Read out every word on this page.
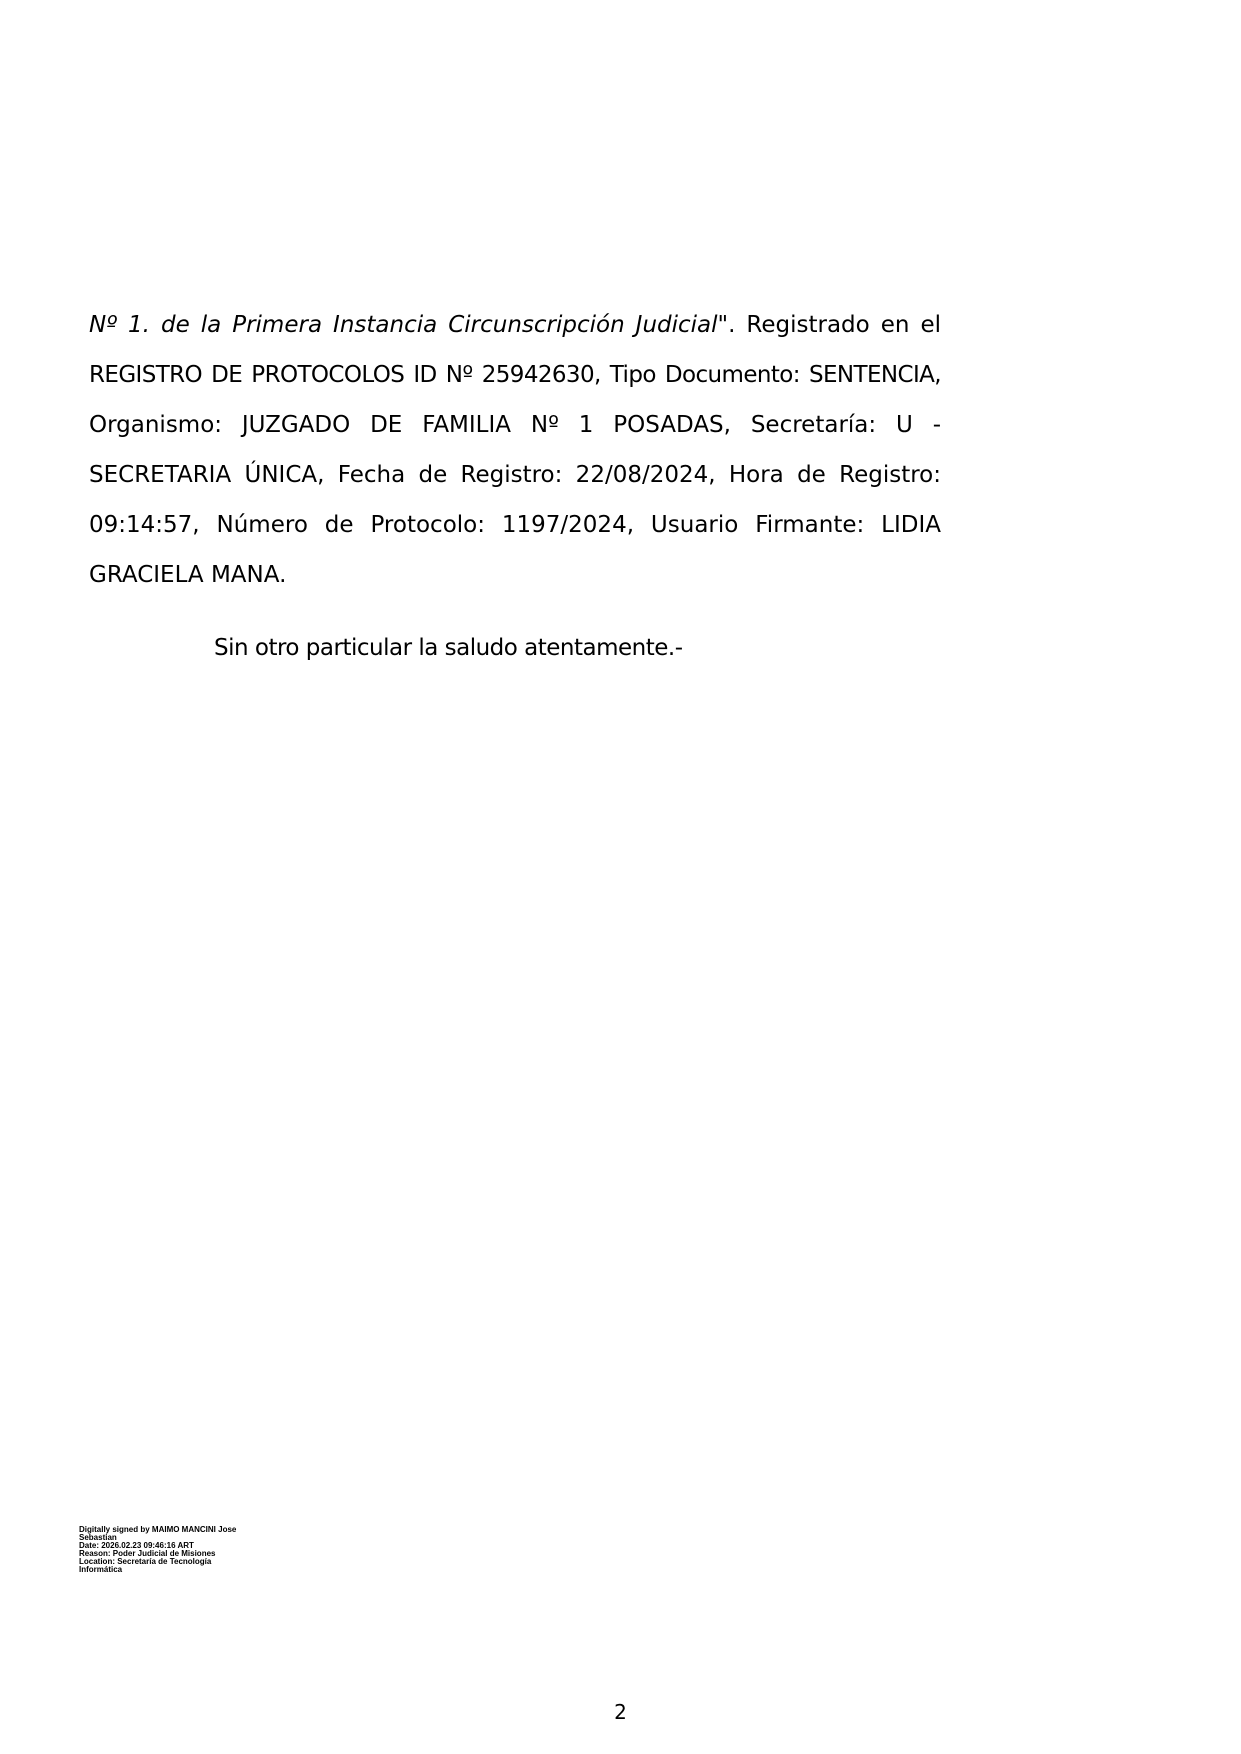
Nº 1. de la Primera Instancia Circunscripción Judicial". Registrado en el REGISTRO DE PROTOCOLOS ID Nº 25942630, Tipo Documento: SENTENCIA, Organismo: JUZGADO DE FAMILIA Nº 1 POSADAS, Secretaría: U - SECRETARIA ÚNICA, Fecha de Registro: 22/08/2024, Hora de Registro: 09:14:57, Número de Protocolo: 1197/2024, Usuario Firmante: LIDIA GRACIELA MANA.

Sin otro particular la saludo atentamente.-

Digitally signed by MAIMO MANCINI Jose
Sebastian
Date: 2026.02.23 09:46:16 ART
Reason: Poder Judicial de Misiones
Location: Secretaría de Tecnología
Informática
2
